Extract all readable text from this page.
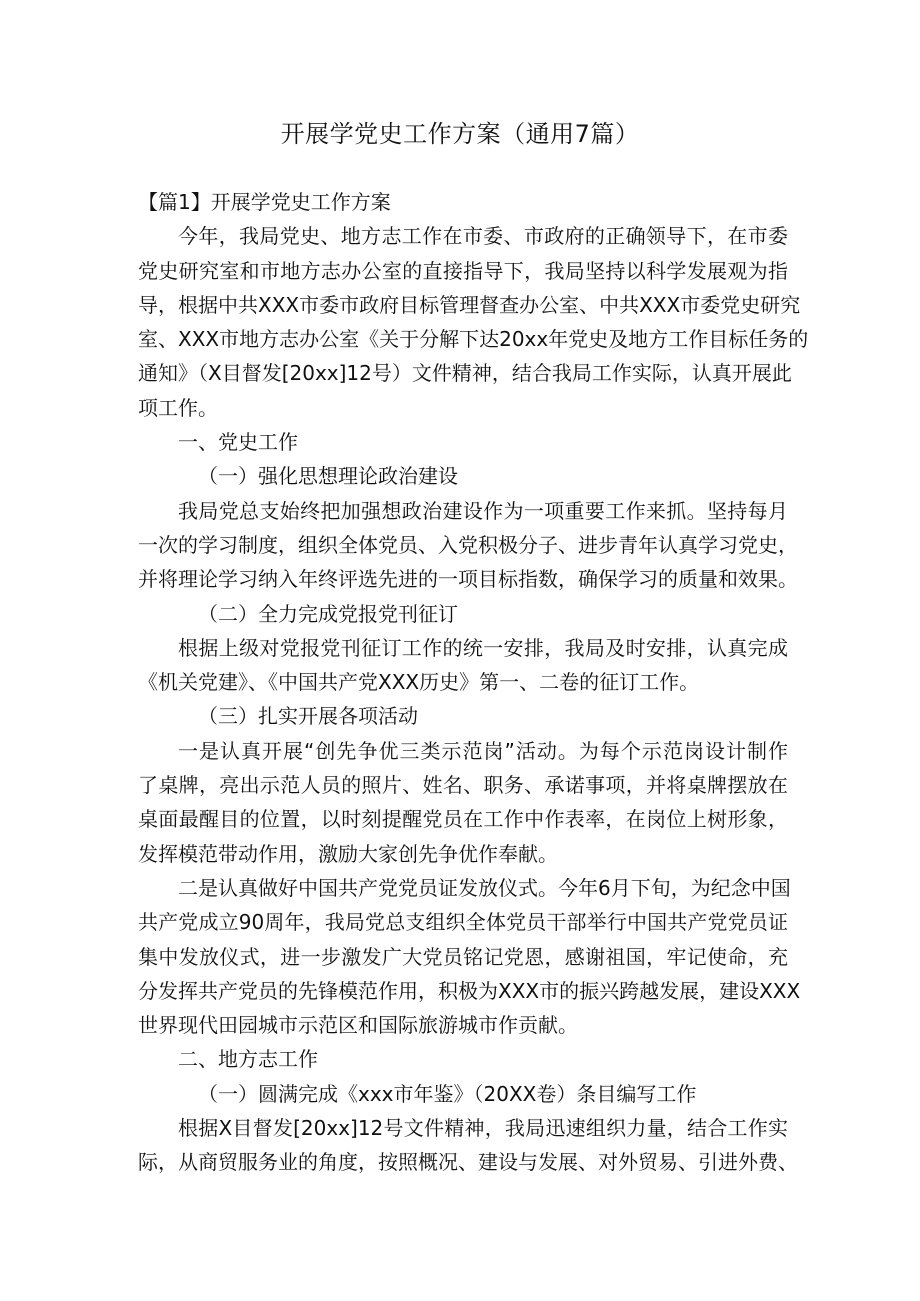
开展学党史工作方案（通用7篇）
【篇1】开展学党史工作方案
今年，我局党史、地方志工作在市委、市政府的正确领导下，在市委
党史研究室和市地方志办公室的直接指导下，我局坚持以科学发展观为指
导，根据中共XXX市委市政府目标管理督查办公室、中共XXX市委党史研究
室、XXX市地方志办公室《关于分解下达20xx年党史及地方工作目标任务的
通知》（X目督发[20xx]12号）文件精神，结合我局工作实际，认真开展此
项工作。
一、党史工作
（一）强化思想理论政治建设
我局党总支始终把加强想政治建设作为一项重要工作来抓。坚持每月
一次的学习制度，组织全体党员、入党积极分子、进步青年认真学习党史，
并将理论学习纳入年终评选先进的一项目标指数，确保学习的质量和效果。
（二）全力完成党报党刊征订
根据上级对党报党刊征订工作的统一安排，我局及时安排，认真完成
《机关党建》、《中国共产党XXX历史》第一、二卷的征订工作。
（三）扎实开展各项活动
一是认真开展“创先争优三类示范岗”活动。为每个示范岗设计制作
了桌牌，亮出示范人员的照片、姓名、职务、承诺事项，并将桌牌摆放在
桌面最醒目的位置，以时刻提醒党员在工作中作表率，在岗位上树形象，
发挥模范带动作用，激励大家创先争优作奉献。
二是认真做好中国共产党党员证发放仪式。今年6月下旬，为纪念中国
共产党成立90周年，我局党总支组织全体党员干部举行中国共产党党员证
集中发放仪式，进一步激发广大党员铭记党恩，感谢祖国，牢记使命，充
分发挥共产党员的先锋模范作用，积极为XXX市的振兴跨越发展，建设XXX
世界现代田园城市示范区和国际旅游城市作贡献。
二、地方志工作
（一）圆满完成《xxx市年鉴》（20XX卷）条目编写工作
根据X目督发[20xx]12号文件精神，我局迅速组织力量，结合工作实
际，从商贸服务业的角度，按照概况、建设与发展、对外贸易、引进外费、
